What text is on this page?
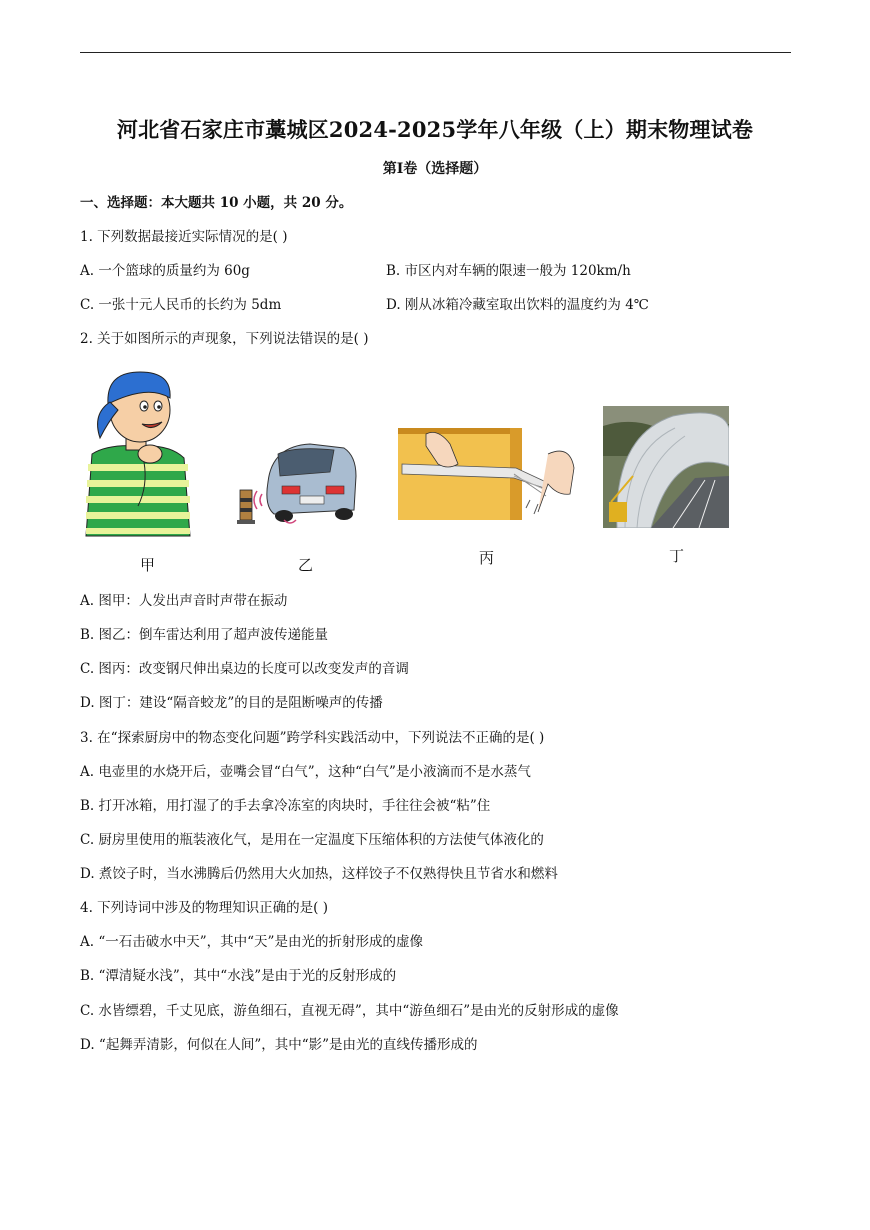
河北省石家庄市藁城区2024-2025学年八年级（上）期末物理试卷
第Ⅰ卷（选择题）
一、选择题：本大题共 10 小题，共 20 分。
1. 下列数据最接近实际情况的是( )
A. 一个篮球的质量约为 60g	B. 市区内对车辆的限速一般为 120km/h
C. 一张十元人民币的长约为 5dm	D. 刚从冰箱冷藏室取出饮料的温度约为 4℃
2. 关于如图所示的声现象，下列说法错误的是( )
甲	乙	丙	丁
A. 图甲：人发出声音时声带在振动
B. 图乙：倒车雷达利用了超声波传递能量
C. 图丙：改变钢尺伸出桌边的长度可以改变发声的音调
D. 图丁：建设“隔音蛟龙”的目的是阻断噪声的传播
3. 在“探索厨房中的物态变化问题”跨学科实践活动中，下列说法不正确的是( )
A. 电壶里的水烧开后，壶嘴会冒“白气”，这种“白气”是小液滴而不是水蒸气
B. 打开冰箱，用打湿了的手去拿冷冻室的肉块时，手往往会被“粘”住
C. 厨房里使用的瓶装液化气，是用在一定温度下压缩体积的方法使气体液化的
D. 煮饺子时，当水沸腾后仍然用大火加热，这样饺子不仅熟得快且节省水和燃料
4. 下列诗词中涉及的物理知识正确的是( )
A. “一石击破水中天”，其中“天”是由光的折射形成的虚像
B. “潭清疑水浅”，其中“水浅”是由于光的反射形成的
C. 水皆缥碧，千丈见底，游鱼细石，直视无碍”，其中“游鱼细石”是由光的反射形成的虚像
D. “起舞弄清影，何似在人间”，其中“影”是由光的直线传播形成的
